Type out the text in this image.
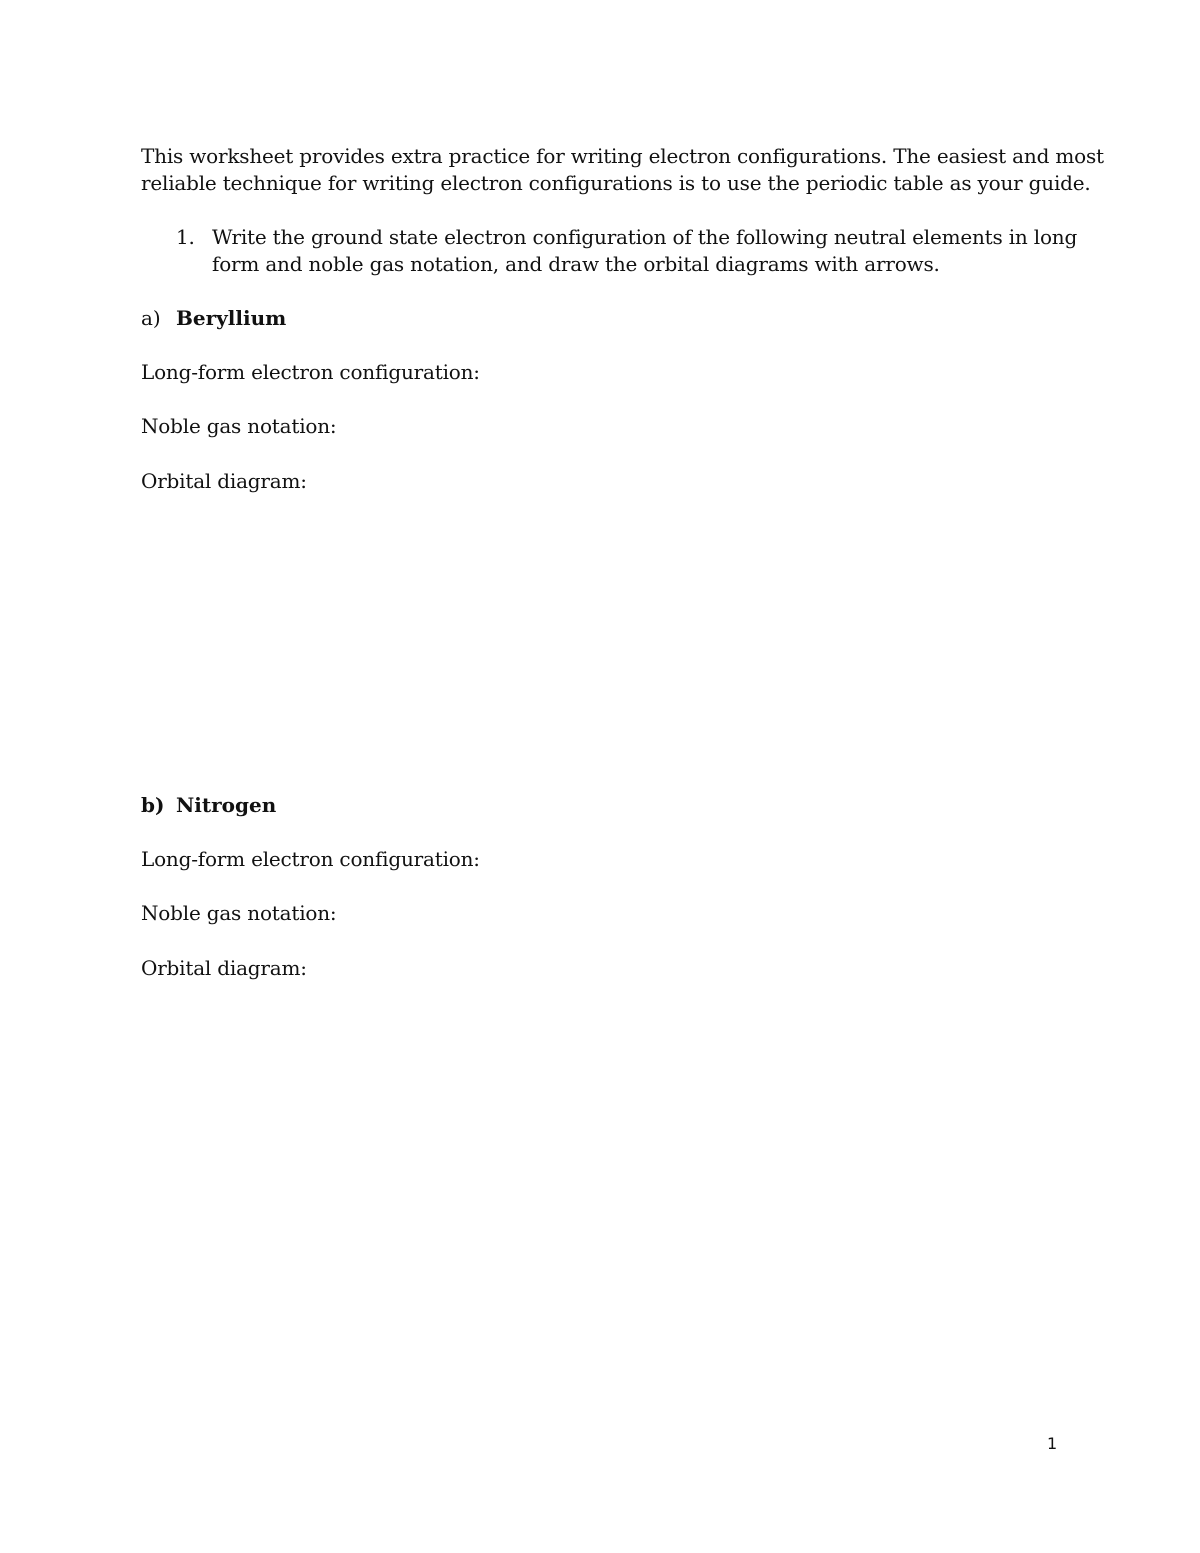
This worksheet provides extra practice for writing electron configurations. The easiest and most
reliable technique for writing electron configurations is to use the periodic table as your guide.
1. Write the ground state electron configuration of the following neutral elements in long
form and noble gas notation, and draw the orbital diagrams with arrows.
a) Beryllium
Long-form electron configuration:
Noble gas notation:
Orbital diagram:
b) Nitrogen
Long-form electron configuration:
Noble gas notation:
Orbital diagram:
1
